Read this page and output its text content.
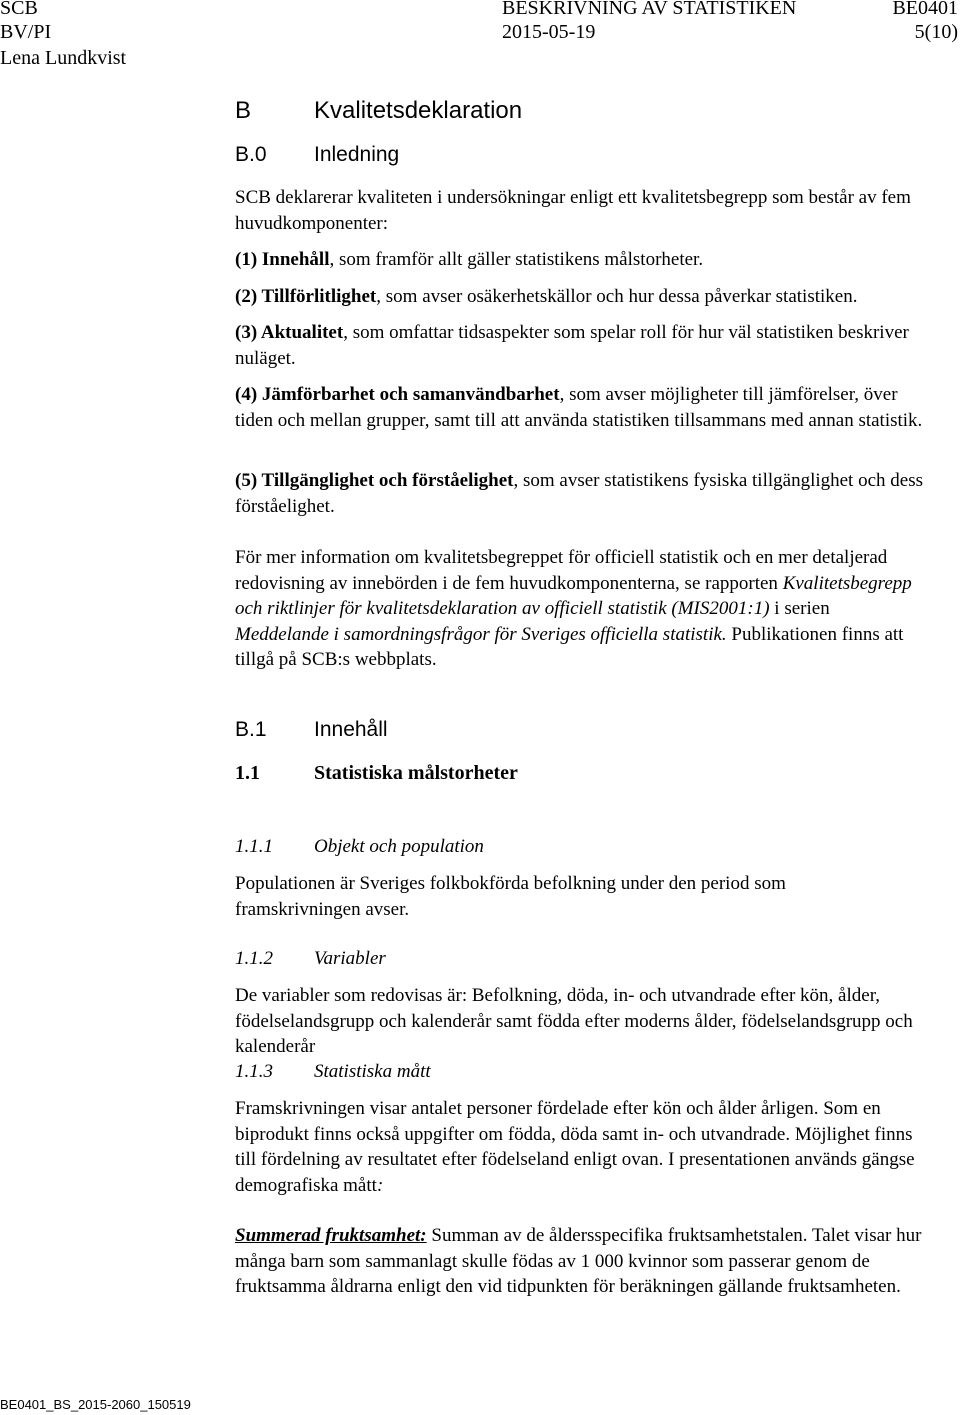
SCB
BV/PI
Lena Lundkvist
BESKRIVNING AV STATISTIKEN
2015-05-19
BE0401
5(10)
B	Kvalitetsdeklaration
B.0 Inledning
SCB deklarerar kvaliteten i undersökningar enligt ett kvalitetsbegrepp som består av fem huvudkomponenter:
(1) Innehåll, som framför allt gäller statistikens målstorheter.
(2) Tillförlitlighet, som avser osäkerhetskällor och hur dessa påverkar statistiken.
(3) Aktualitet, som omfattar tidsaspekter som spelar roll för hur väl statistiken beskriver nuläget.
(4) Jämförbarhet och samanvändbarhet, som avser möjligheter till jämförelser, över tiden och mellan grupper, samt till att använda statistiken tillsammans med annan statistik.
(5) Tillgänglighet och förståelighet, som avser statistikens fysiska tillgänglighet och dess förståelighet.
För mer information om kvalitetsbegreppet för officiell statistik och en mer detaljerad redovisning av innebörden i de fem huvudkomponenterna, se rapporten Kvalitetsbegrepp och riktlinjer för kvalitetsdeklaration av officiell statistik (MIS2001:1) i serien Meddelande i samordningsfrågor för Sveriges officiella statistik. Publikationen finns att tillgå på SCB:s webbplats.
B.1 Innehåll
1.1	Statistiska målstorheter
1.1.1 Objekt och population
Populationen är Sveriges folkbokförda befolkning under den period som framskrivningen avser.
1.1.2 Variabler
De variabler som redovisas är: Befolkning, döda, in- och utvandrade efter kön, ålder, födelselandsgrupp och kalenderår samt födda efter moderns ålder, födelselandsgrupp och kalenderår
1.1.3 Statistiska mått
Framskrivningen visar antalet personer fördelade efter kön och ålder årligen. Som en biprodukt finns också uppgifter om födda, döda samt in- och utvandrade. Möjlighet finns till fördelning av resultatet efter födelseland enligt ovan. I presentationen används gängse demografiska mått:
Summerad fruktsamhet: Summan av de åldersspecifika fruktsamhetstalen. Talet visar hur många barn som sammanlagt skulle födas av 1 000 kvinnor som passerar genom de fruktsamma åldrarna enligt den vid tidpunkten för beräkningen gällande fruktsamheten.
BE0401_BS_2015-2060_150519
